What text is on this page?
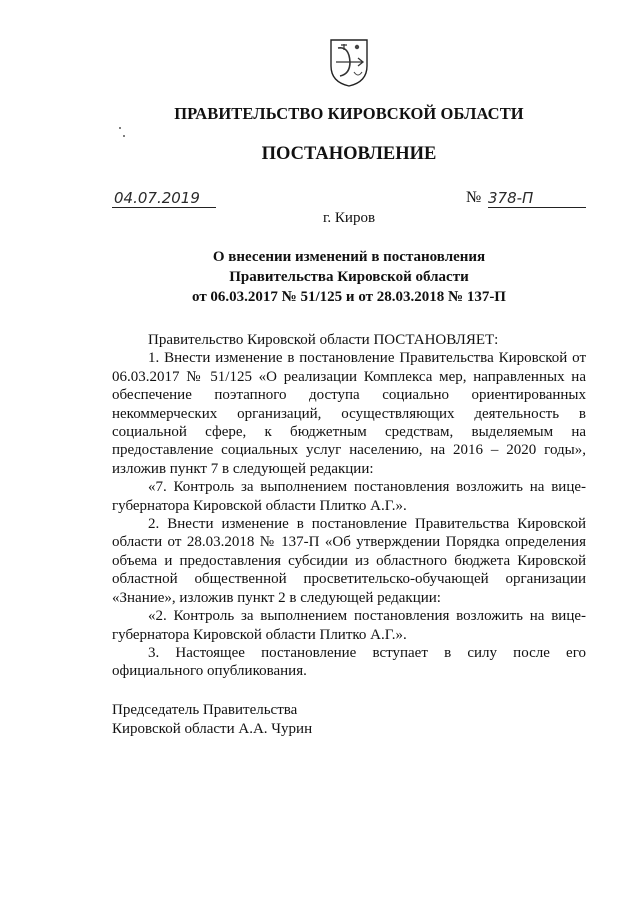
ПРАВИТЕЛЬСТВО КИРОВСКОЙ ОБЛАСТИ
ПОСТАНОВЛЕНИЕ
04.07.2019	№ 378-П
г. Киров
О внесении изменений в постановления
Правительства Кировской области
от 06.03.2017 № 51/125 и от 28.03.2018 № 137-П

Правительство Кировской области ПОСТАНОВЛЯЕТ:

1. Внести изменение в постановление Правительства Кировской от 06.03.2017 № 51/125 «О реализации Комплекса мер, направленных на обеспечение поэтапного доступа социально ориентированных некоммерческих организаций, осуществляющих деятельность в социальной сфере, к бюджетным средствам, выделяемым на предоставление социальных услуг населению, на 2016 – 2020 годы», изложив пункт 7 в следующей редакции:

«7. Контроль за выполнением постановления возложить на вице-губернатора Кировской области Плитко А.Г.».

2. Внести изменение в постановление Правительства Кировской области от 28.03.2018 № 137-П «Об утверждении Порядка определения объема и предоставления субсидии из областного бюджета Кировской областной общественной просветительско-обучающей организации «Знание», изложив пункт 2 в следующей редакции:

«2. Контроль за выполнением постановления возложить на вице-губернатора Кировской области Плитко А.Г.».

3. Настоящее постановление вступает в силу после его официального опубликования.

Председатель Правительства
Кировской области А.А. Чурин
